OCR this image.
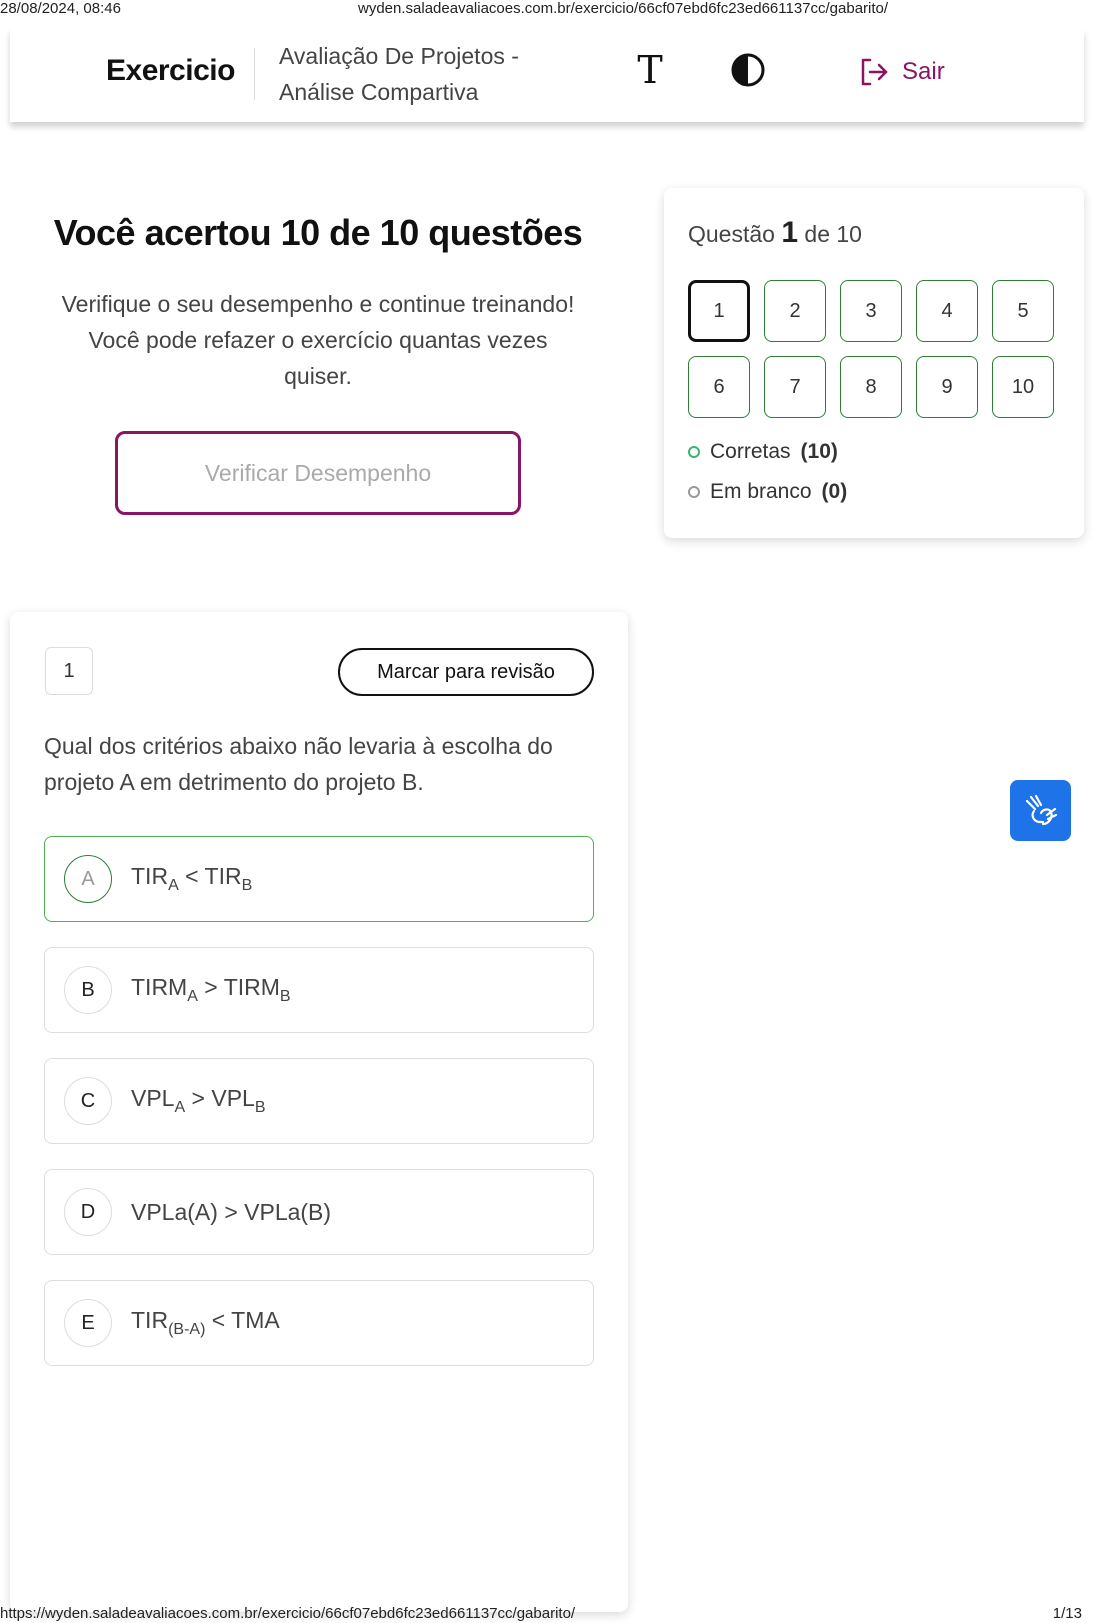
28/08/2024, 08:46	wyden.saladeavaliacoes.com.br/exercicio/66cf07ebd6fc23ed661137cc/gabarito/
Exercicio Avaliação De Projetos -
Análise Compartiva	T	Sair
Você acertou 10 de 10 questões
Verifique o seu desempenho e continue treinando! Você pode refazer o exercício quantas vezes quiser.
Verificar Desempenho
Questão 1 de 10
1	2	3	4	5
6	7	8	9	10
Corretas (10)
Em branco (0)
1	Marcar para revisão
Qual dos critérios abaixo não levaria à escolha do projeto A em detrimento do projeto B.
A	$TIR_A < TIR_B$
B	$TIRM_A$ > $TIRM_B$
C	$VPL_A > VPL_B$
D	VPLa(A) > VPLa(B)
E	$TIR_{(B-A)}$ < TMA
https://wyden.saladeavaliacoes.com.br/exercicio/66cf07ebd6fc23ed661137cc/gabarito/	1/13
